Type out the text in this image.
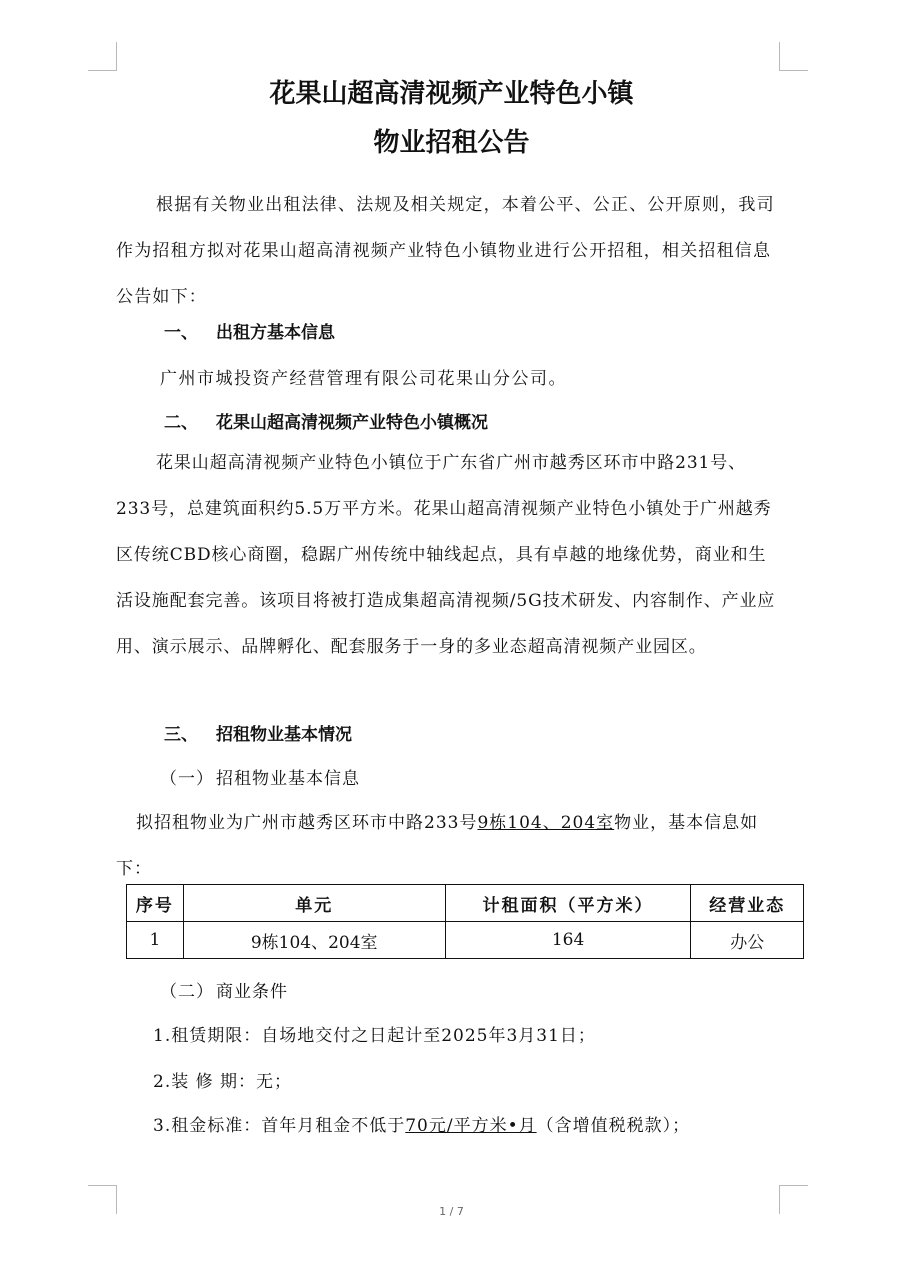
花果山超高清视频产业特色小镇
物业招租公告

根据有关物业出租法律、法规及相关规定，本着公平、公正、公开原则，我司作为招租方拟对花果山超高清视频产业特色小镇物业进行公开招租，相关招租信息公告如下：

一、 出租方基本信息
广州市城投资产经营管理有限公司花果山分公司。
二、 花果山超高清视频产业特色小镇概况

花果山超高清视频产业特色小镇位于广东省广州市越秀区环市中路231号、233号，总建筑面积约5.5万平方米。花果山超高清视频产业特色小镇处于广州越秀区传统CBD核心商圈，稳踞广州传统中轴线起点，具有卓越的地缘优势，商业和生活设施配套完善。该项目将被打造成集超高清视频/5G技术研发、内容制作、产业应用、演示展示、品牌孵化、配套服务于一身的多业态超高清视频产业园区。

三、 招租物业基本情况
（一） 招租物业基本信息

拟招租物业为广州市越秀区环市中路233号9栋104、204室物业，基本信息如下：

序号	单元	计租面积（平方米）	经营业态
1	9栋104、204室	164	办公
（二） 商业条件
1.租赁期限：自场地交付之日起计至2025年3月31日；
2.装 修 期：无；
3.租金标准：首年月租金不低于70元/平方米•月（含增值税税款）；
1 / 7
